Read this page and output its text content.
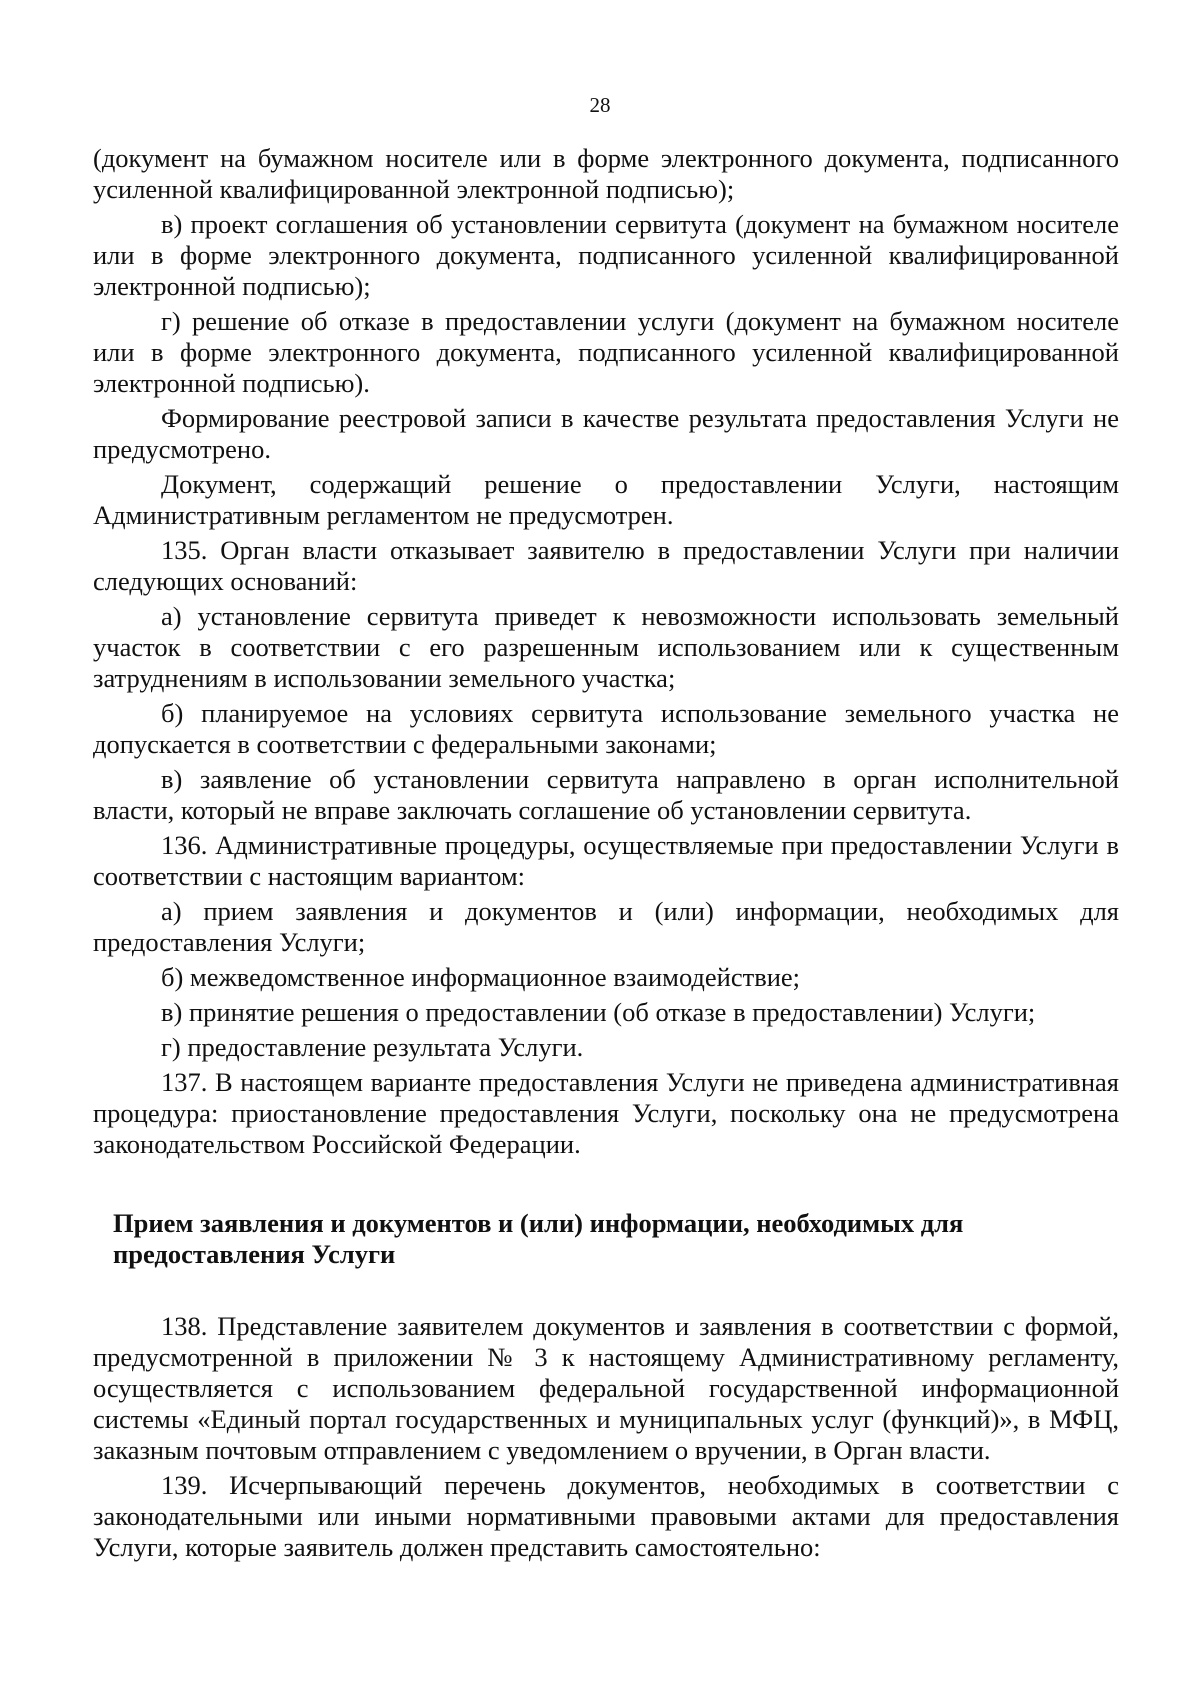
28

(документ на бумажном носителе или в форме электронного документа, подписанного усиленной квалифицированной электронной подписью);

в) проект соглашения об установлении сервитута (документ на бумажном носителе или в форме электронного документа, подписанного усиленной квалифицированной электронной подписью);

г) решение об отказе в предоставлении услуги (документ на бумажном носителе или в форме электронного документа, подписанного усиленной квалифицированной электронной подписью).

Формирование реестровой записи в качестве результата предоставления Услуги не предусмотрено.

Документ, содержащий решение о предоставлении Услуги, настоящим Административным регламентом не предусмотрен.

135. Орган власти отказывает заявителю в предоставлении Услуги при наличии следующих оснований:

а) установление сервитута приведет к невозможности использовать земельный участок в соответствии с его разрешенным использованием или к существенным затруднениям в использовании земельного участка;

б) планируемое на условиях сервитута использование земельного участка не допускается в соответствии с федеральными законами;

в) заявление об установлении сервитута направлено в орган исполнительной власти, который не вправе заключать соглашение об установлении сервитута.

136. Административные процедуры, осуществляемые при предоставлении Услуги в соответствии с настоящим вариантом:

а) прием заявления и документов и (или) информации, необходимых для предоставления Услуги;

б) межведомственное информационное взаимодействие;

в) принятие решения о предоставлении (об отказе в предоставлении) Услуги;

г) предоставление результата Услуги.

137. В настоящем варианте предоставления Услуги не приведена административная процедура: приостановление предоставления Услуги, поскольку она не предусмотрена законодательством Российской Федерации.

Прием заявления и документов и (или) информации, необходимых для

предоставления Услуги

138. Представление заявителем документов и заявления в соответствии с формой, предусмотренной в приложении № 3 к настоящему Административному регламенту, осуществляется с использованием федеральной государственной информационной системы «Единый портал государственных и муниципальных услуг (функций)», в МФЦ, заказным почтовым отправлением с уведомлением о вручении, в Орган власти.

139. Исчерпывающий перечень документов, необходимых в соответствии с законодательными или иными нормативными правовыми актами для предоставления Услуги, которые заявитель должен представить самостоятельно:
